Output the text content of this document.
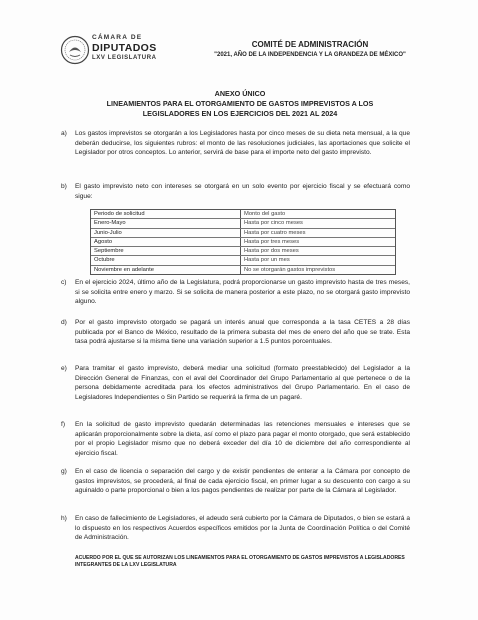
CÁMARA DE
DIPUTADOS
LXV LEGISLATURA
COMITÉ DE ADMINISTRACIÓN
"2021, AÑO DE LA INDEPENDENCIA Y LA GRANDEZA DE MÉXICO"
ANEXO ÚNICO
LINEAMIENTOS PARA EL OTORGAMIENTO DE GASTOS IMPREVISTOS A LOS
LEGISLADORES EN LOS EJERCICIOS DEL 2021 AL 2024
a) Los gastos imprevistos se otorgarán a los Legisladores hasta por cinco meses de su dieta neta mensual, a la que deberán deducirse, los siguientes rubros: el monto de las resoluciones judiciales, las aportaciones que solicite el Legislador por otros conceptos. Lo anterior, servirá de base para el importe neto del gasto imprevisto.
b) El gasto imprevisto neto con intereses se otorgará en un solo evento por ejercicio fiscal y se efectuará como sigue:
Periodo de solicitud	Monto del gasto
Enero-Mayo	Hasta por cinco meses
Junio-Julio	Hasta por cuatro meses
Agosto	Hasta por tres meses
Septiembre	Hasta por dos meses
Octubre	Hasta por un mes
Noviembre en adelante	No se otorgarán gastos imprevistos
c) En el ejercicio 2024, último año de la Legislatura, podrá proporcionarse un gasto imprevisto hasta de tres meses, si se solicita entre enero y marzo. Si se solicita de manera posterior a este plazo, no se otorgará gasto imprevisto alguno.
d) Por el gasto imprevisto otorgado se pagará un interés anual que corresponda a la tasa CETES a 28 días publicada por el Banco de México, resultado de la primera subasta del mes de enero del año que se trate. Esta tasa podrá ajustarse si la misma tiene una variación superior a 1.5 puntos porcentuales.
e) Para tramitar el gasto imprevisto, deberá mediar una solicitud (formato preestablecido) del Legislador a la Dirección General de Finanzas, con el aval del Coordinador del Grupo Parlamentario al que pertenece o de la persona debidamente acreditada para los efectos administrativos del Grupo Parlamentario. En el caso de Legisladores Independientes o Sin Partido se requerirá la firma de un pagaré.
f) En la solicitud de gasto imprevisto quedarán determinadas las retenciones mensuales e intereses que se aplicarán proporcionalmente sobre la dieta, así como el plazo para pagar el monto otorgado, que será establecido por el propio Legislador mismo que no deberá exceder del día 10 de diciembre del año correspondiente al ejercicio fiscal.
g) En el caso de licencia o separación del cargo y de existir pendientes de enterar a la Cámara por concepto de gastos imprevistos, se procederá, al final de cada ejercicio fiscal, en primer lugar a su descuento con cargo a su aguinaldo o parte proporcional o bien a los pagos pendientes de realizar por parte de la Cámara al Legislador.
h) En caso de fallecimiento de Legisladores, el adeudo será cubierto por la Cámara de Diputados, o bien se estará a lo dispuesto en los respectivos Acuerdos específicos emitidos por la Junta de Coordinación Política o del Comité de Administración.
ACUERDO POR EL QUE SE AUTORIZAN LOS LINEAMIENTOS PARA EL OTORGAMIENTO DE GASTOS IMPREVISTOS A LEGISLADORES INTEGRANTES DE LA LXV LEGISLATURA
